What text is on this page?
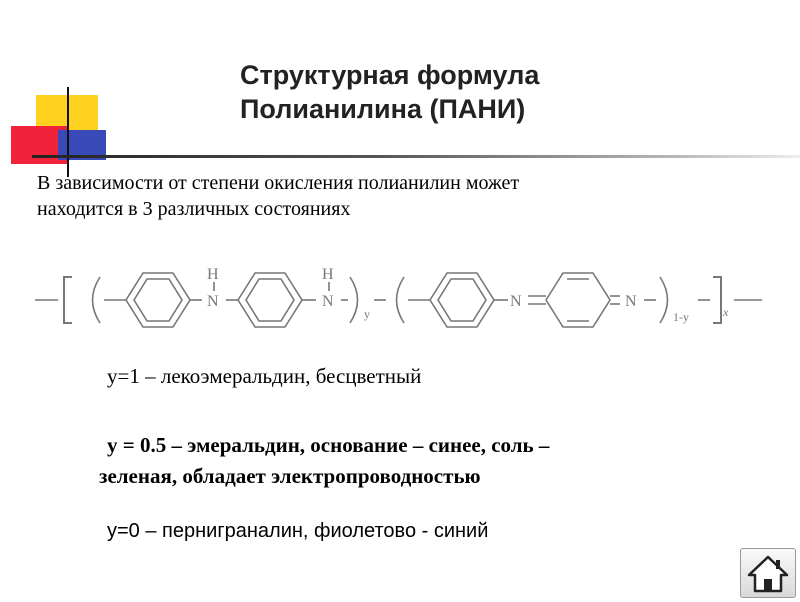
Структурная формула
Полианилина (ПАНИ)
В зависимости от степени окисления полианилин может
находится в 3 различных состояниях
H
N
H
N	N	N
y	1-y	x
y=1 – лекоэмеральдин, бесцветный
y = 0.5 – эмеральдин, основание – синее, соль –
зеленая, обладает электропроводностью
y=0 – перниграналин, фиолетово - синий
